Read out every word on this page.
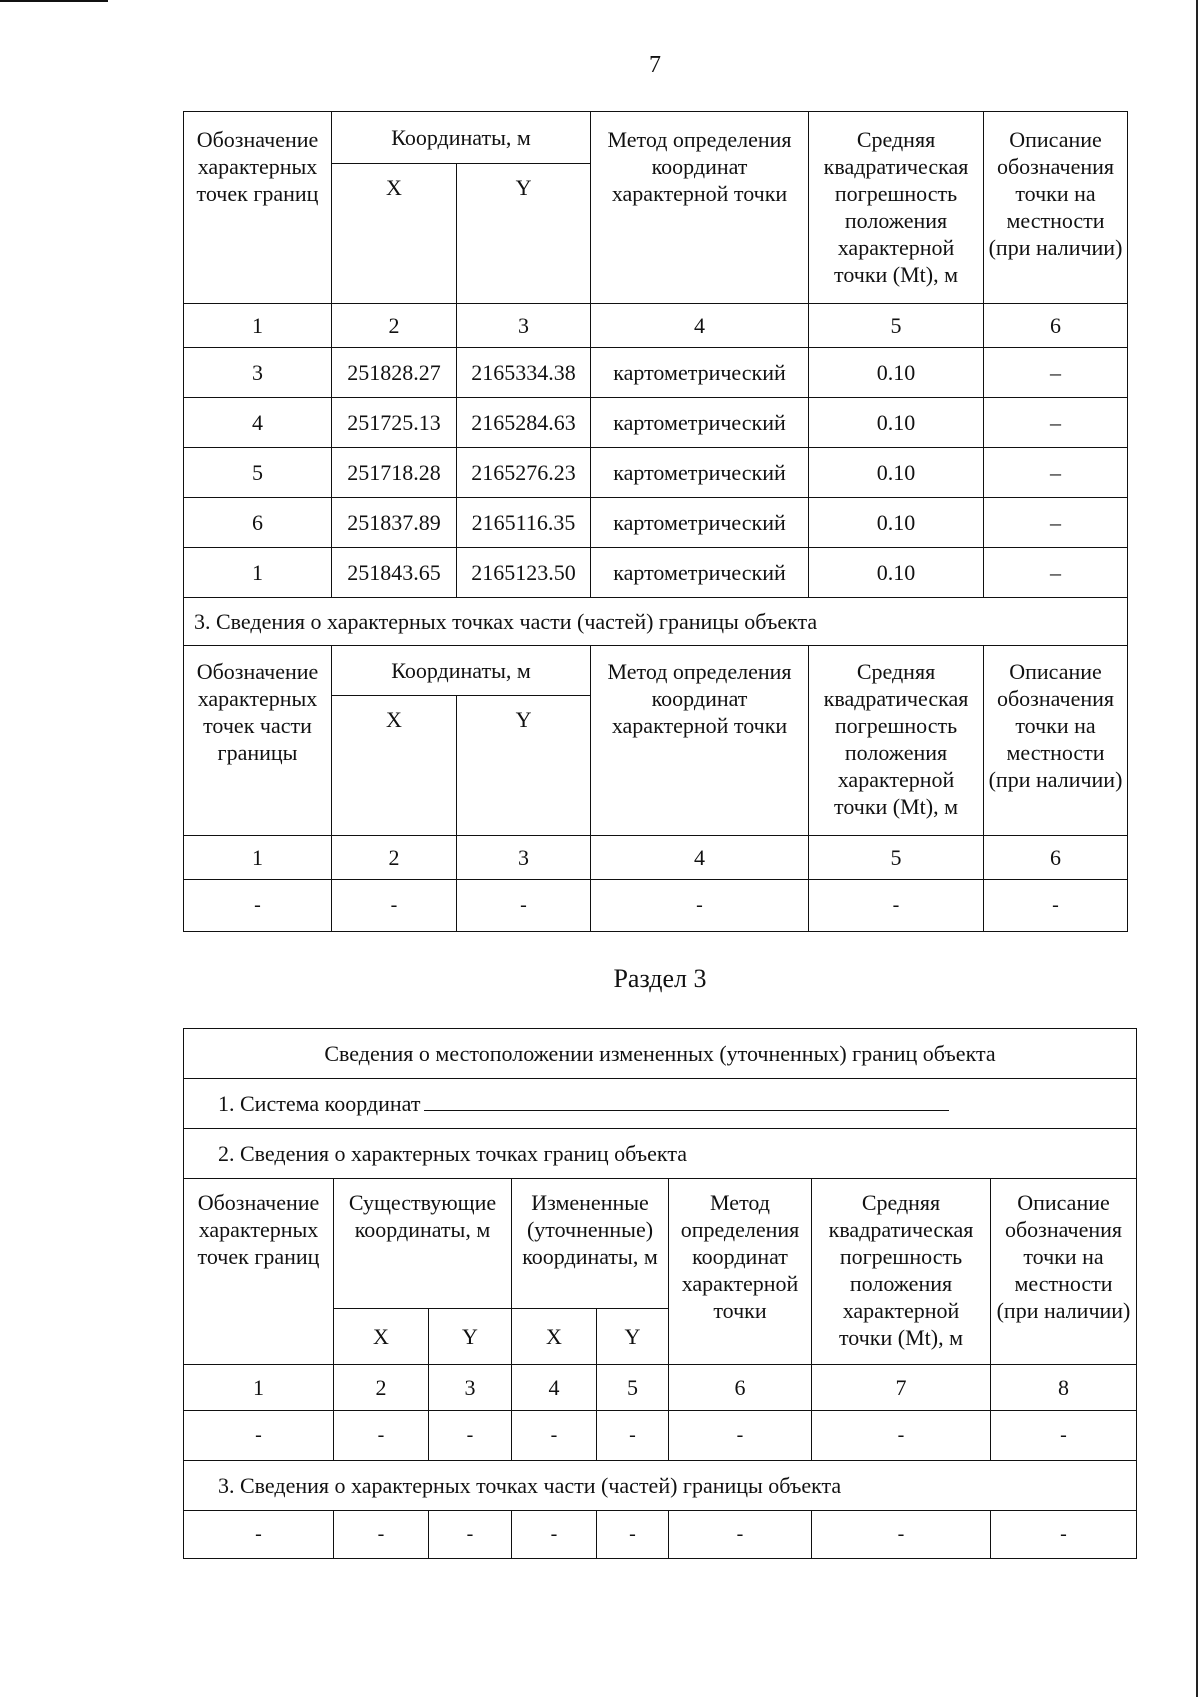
7
Обозначение характерных точек границ	Координаты, м		Метод определения координат характерной точки	Средняя квадратическая погрешность положения характерной точки (Mt), м	Описание обозначения точки на местности (при наличии)
	X	Y			
1	2	3	4	5	6
3	251828.27	2165334.38	картометрический	0.10	–
4	251725.13	2165284.63	картометрический	0.10	–
5	251718.28	2165276.23	картометрический	0.10	–
6	251837.89	2165116.35	картометрический	0.10	–
1	251843.65	2165123.50	картометрический	0.10	–
3. Сведения о характерных точках части (частей) границы объекта					
Обозначение характерных точек части границы	Координаты, м		Метод определения координат характерной точки	Средняя квадратическая погрешность положения характерной точки (Mt), м	Описание обозначения точки на местности (при наличии)
	X	Y			
1	2	3	4	5	6
-	-	-	-	-	-
Раздел 3
Сведения о местоположении измененных (уточненных) границ объекта							
1. Система координат							
2. Сведения о характерных точках границ объекта							
Обозначение характерных точек границ	Существующие координаты, м		Измененные (уточненные) координаты, м		Метод определения координат характерной точки	Средняя квадратическая погрешность положения характерной точки (Mt), м	Описание обозначения точки на местности (при наличии)
	X	Y	X	Y			
1	2	3	4	5	6	7	8
-	-	-	-	-	-	-	-
3. Сведения о характерных точках части (частей) границы объекта							
-	-	-	-	-	-	-	-
